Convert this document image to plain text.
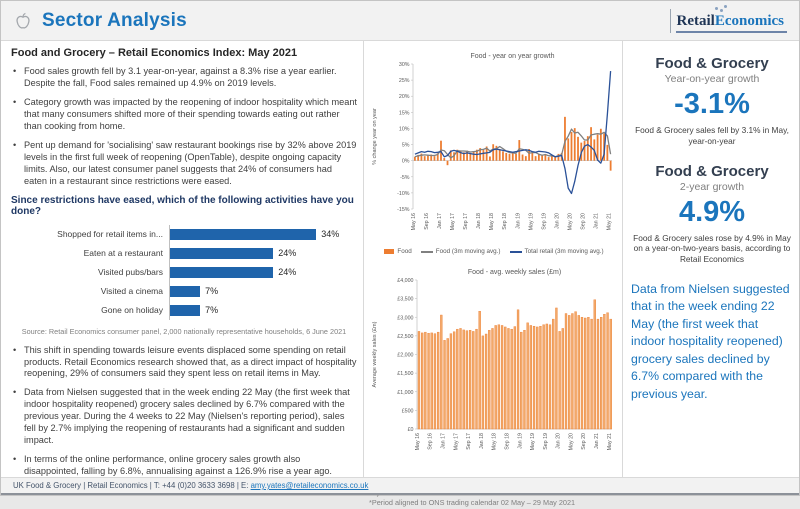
Sector Analysis	RetailEconomics
Food and Grocery – Retail Economics Index: May 2021
• Food sales growth fell by 3.1 year-on-year, against a 8.3% rise a year earlier. Despite the fall, Food sales remained up 4.9% on 2019 levels.
• Category growth was impacted by the reopening of indoor hospitality which meant that many consumers shifted more of their spending towards eating out rather than cooking from home.
• Pent up demand for 'socialising' saw restaurant bookings rise by 32% above 2019 levels in the first full week of reopening (OpenTable), despite ongoing capacity limits. Also, our latest consumer panel suggests that 24% of consumers had eaten in a restaurant since restrictions were eased.
Since restrictions have eased, which of the following activities have you done?
Shopped for retail items in...	34%
Eaten at a restaurant	24%
Visited pubs/bars	24%
Visited a cinema	7%
Gone on holiday	7%
Source: Retail Economics consumer panel, 2,000 nationally representative households, 6 June 2021
• This shift in spending towards leisure events displaced some spending on retail products. Retail Economics research showed that, as a direct impact of hospitality reopening, 29% of consumers said they spent less on retail items in May.
• Data from Nielsen suggested that in the week ending 22 May (the first week that indoor hospitality reopened) grocery sales declined by 6.7% compared with the previous year. During the 4 weeks to 22 May (Nielsen's reporting period), sales fell by 2.7% implying the reopening of restaurants had a significant and sudden impact.
• In terms of the online performance, online grocery sales growth also disappointed, falling by 6.8%, annualising against a 126.9% rise a year ago.
Food - year on year growth
% change year on year
30%
25%
20%
15%
10%
5%
0%
-5%
-10%
-15%
May 16 Sep 16 Jan 17 May 17 Sep 17 Jan 18 May 18 Sep 18 Jan 19 May 19 Sep 19 Jan 20 May 20 Sep 20 Jan 21 May 21
Food	Food (3m moving avg.)	Total retail (3m moving avg.)
Food - avg. weekly sales (£m)
Average weekly sales (£m)
£4,000
£3,500
£3,000
£2,500
£2,000
£1,500
£1,000
£500
£0
May 16 Sep 16 Jan 17 May 17 Sep 17 Jan 18 May 18 Sep 18 Jan 19 May 19 Sep 19 Jan 20 May 20 Sep 20 Jan 21 May 21

*Period aligned to ONS trading calendar 02 May – 29 May 2021
Food & Grocery
Year-on-year growth
-3.1%
Food & Grocery sales fell by 3.1% in May, year-on-year
Food & Grocery
2-year growth
4.9%
Food & Grocery sales rose by 4.9% in May on a year-on-two-years basis, according to Retail Economics
Data from Nielsen suggested that in the week ending 22 May (the first week that indoor hospitality reopened) grocery sales declined by 6.7% compared with the previous year.
UK Food & Grocery | Retail Economics | T: +44 (0)20 3633 3698 | E:
amy.yates@retaileconomics.co.uk
